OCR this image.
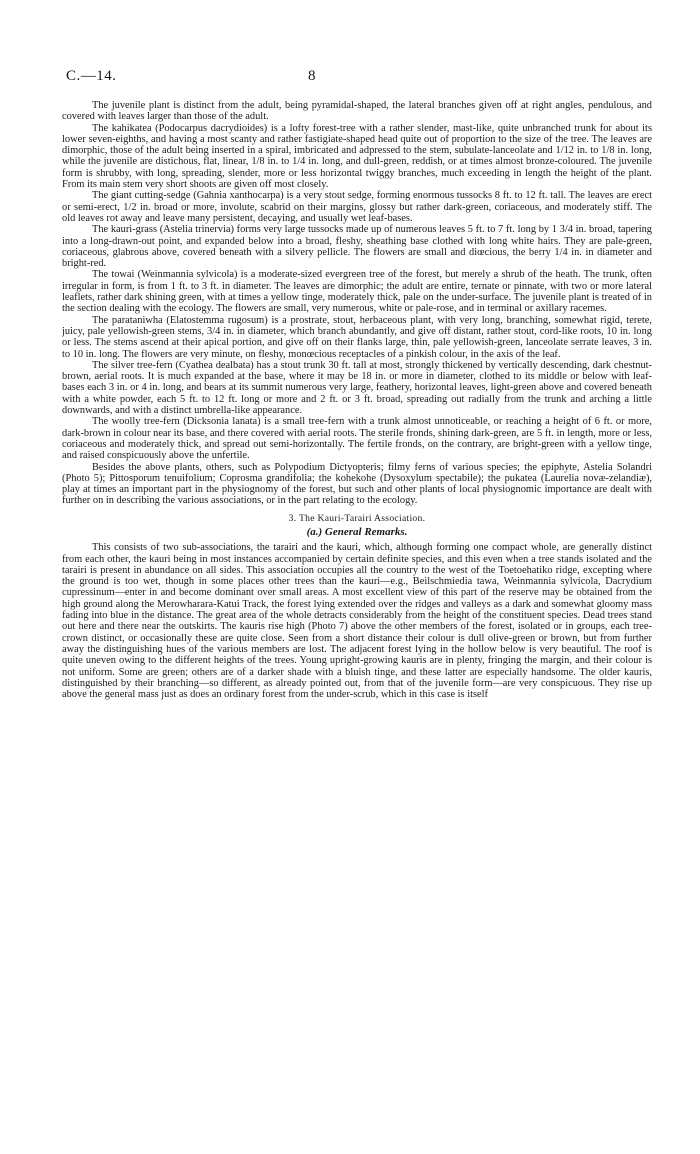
C.—14.	8

The juvenile plant is distinct from the adult, being pyramidal-shaped, the lateral branches given off at right angles, pendulous, and covered with leaves larger than those of the adult.

The kahikatea (Podocarpus dacrydioides) is a lofty forest-tree with a rather slender, mast-like, quite unbranched trunk for about its lower seven-eighths, and having a most scanty and rather fastigiate-shaped head quite out of proportion to the size of the tree. The leaves are dimorphic, those of the adult being inserted in a spiral, imbricated and adpressed to the stem, subulate-lanceolate and 1/12 in. to 1/8 in. long, while the juvenile are distichous, flat, linear, 1/8 in. to 1/4 in. long, and dull-green, reddish, or at times almost bronze-coloured. The juvenile form is shrubby, with long, spreading, slender, more or less horizontal twiggy branches, much exceeding in length the height of the plant. From its main stem very short shoots are given off most closely.

The giant cutting-sedge (Gahnia xanthocarpa) is a very stout sedge, forming enormous tussocks 8 ft. to 12 ft. tall. The leaves are erect or semi-erect, 1/2 in. broad or more, involute, scabrid on their margins, glossy but rather dark-green, coriaceous, and moderately stiff. The old leaves rot away and leave many persistent, decaying, and usually wet leaf-bases.

The kauri-grass (Astelia trinervia) forms very large tussocks made up of numerous leaves 5 ft. to 7 ft. long by 1 3/4 in. broad, tapering into a long-drawn-out point, and expanded below into a broad, fleshy, sheathing base clothed with long white hairs. They are pale-green, coriaceous, glabrous above, covered beneath with a silvery pellicle. The flowers are small and diœcious, the berry 1/4 in. in diameter and bright-red.

The towai (Weinmannia sylvicola) is a moderate-sized evergreen tree of the forest, but merely a shrub of the heath. The trunk, often irregular in form, is from 1 ft. to 3 ft. in diameter. The leaves are dimorphic; the adult are entire, ternate or pinnate, with two or more lateral leaflets, rather dark shining green, with at times a yellow tinge, moderately thick, pale on the under-surface. The juvenile plant is treated of in the section dealing with the ecology. The flowers are small, very numerous, white or pale-rose, and in terminal or axillary racemes.

The parataniwha (Elatostemma rugosum) is a prostrate, stout, herbaceous plant, with very long, branching, somewhat rigid, terete, juicy, pale yellowish-green stems, 3/4 in. in diameter, which branch abundantly, and give off distant, rather stout, cord-like roots, 10 in. long or less. The stems ascend at their apical portion, and give off on their flanks large, thin, pale yellowish-green, lanceolate serrate leaves, 3 in. to 10 in. long. The flowers are very minute, on fleshy, monœcious receptacles of a pinkish colour, in the axis of the leaf.

The silver tree-fern (Cyathea dealbata) has a stout trunk 30 ft. tall at most, strongly thickened by vertically descending, dark chestnut-brown, aerial roots. It is much expanded at the base, where it may be 18 in. or more in diameter, clothed to its middle or below with leaf-bases each 3 in. or 4 in. long, and bears at its summit numerous very large, feathery, horizontal leaves, light-green above and covered beneath with a white powder, each 5 ft. to 12 ft. long or more and 2 ft. or 3 ft. broad, spreading out radially from the trunk and arching a little downwards, and with a distinct umbrella-like appearance.

The woolly tree-fern (Dicksonia lanata) is a small tree-fern with a trunk almost unnoticeable, or reaching a height of 6 ft. or more, dark-brown in colour near its base, and there covered with aerial roots. The sterile fronds, shining dark-green, are 5 ft. in length, more or less, coriaceous and moderately thick, and spread out semi-horizontally. The fertile fronds, on the contrary, are bright-green with a yellow tinge, and raised conspicuously above the unfertile.

Besides the above plants, others, such as Polypodium Dictyopteris; filmy ferns of various species; the epiphyte, Astelia Solandri (Photo 5); Pittosporum tenuifolium; Coprosma grandifolia; the kohekohe (Dysoxylum spectabile); the pukatea (Laurelia novæ-zelandiæ), play at times an important part in the physiognomy of the forest, but such and other plants of local physiognomic importance are dealt with further on in describing the various associations, or in the part relating to the ecology.

3. The Kauri-Tarairi Association.
(a.) General Remarks.

This consists of two sub-associations, the tarairi and the kauri, which, although forming one compact whole, are generally distinct from each other, the kauri being in most instances accompanied by certain definite species, and this even when a tree stands isolated and the tarairi is present in abundance on all sides. This association occupies all the country to the west of the Toetoehatiko ridge, excepting where the ground is too wet, though in some places other trees than the kauri—e.g., Beilschmiedia tawa, Weinmannia sylvicola, Dacrydium cupressinum—enter in and become dominant over small areas. A most excellent view of this part of the reserve may be obtained from the high ground along the Merowharara-Katui Track, the forest lying extended over the ridges and valleys as a dark and somewhat gloomy mass fading into blue in the distance. The great area of the whole detracts considerably from the height of the constituent species. Dead trees stand out here and there near the outskirts. The kauris rise high (Photo 7) above the other members of the forest, isolated or in groups, each tree-crown distinct, or occasionally these are quite close. Seen from a short distance their colour is dull olive-green or brown, but from further away the distinguishing hues of the various members are lost. The adjacent forest lying in the hollow below is very beautiful. The roof is quite uneven owing to the different heights of the trees. Young upright-growing kauris are in plenty, fringing the margin, and their colour is not uniform. Some are green; others are of a darker shade with a bluish tinge, and these latter are especially handsome. The older kauris, distinguished by their branching—so different, as already pointed out, from that of the juvenile form—are very conspicuous. They rise up above the general mass just as does an ordinary forest from the under-scrub, which in this case is itself
